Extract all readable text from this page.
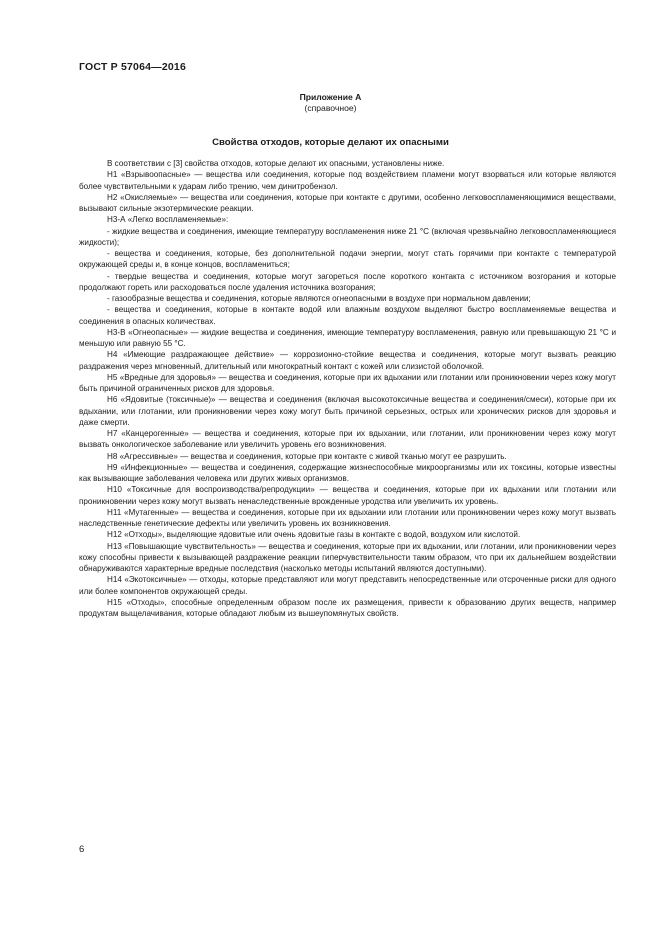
ГОСТ Р 57064—2016
Приложение А
(справочное)
Свойства отходов, которые делают их опасными

В соответствии с [3] свойства отходов, которые делают их опасными, установлены ниже.

Н1 «Взрывоопасные» — вещества или соединения, которые под воздействием пламени могут взорваться или которые являются более чувствительными к ударам либо трению, чем динитробензол.

Н2 «Окисляемые» — вещества или соединения, которые при контакте с другими, особенно легковоспламеняющимися веществами, вызывают сильные экзотермические реакции.

Н3-А «Легко воспламеняемые»:

- жидкие вещества и соединения, имеющие температуру воспламенения ниже 21 °C (включая чрезвычайно легковоспламеняющиеся жидкости);

- вещества и соединения, которые, без дополнительной подачи энергии, могут стать горячими при контакте с температурой окружающей среды и, в конце концов, воспламениться;

- твердые вещества и соединения, которые могут загореться после короткого контакта с источником возгорания и которые продолжают гореть или расходоваться после удаления источника возгорания;

- газообразные вещества и соединения, которые являются огнеопасными в воздухе при нормальном давлении;

- вещества и соединения, которые в контакте водой или влажным воздухом выделяют быстро воспламеняемые вещества и соединения в опасных количествах.

Н3-В «Огнеопасные» — жидкие вещества и соединения, имеющие температуру воспламенения, равную или превышающую 21 °C и меньшую или равную 55 °C.

Н4 «Имеющие раздражающее действие» — коррозионно-стойкие вещества и соединения, которые могут вызвать реакцию раздражения через мгновенный, длительный или многократный контакт с кожей или слизистой оболочкой.

Н5 «Вредные для здоровья» — вещества и соединения, которые при их вдыхании или глотании или проникновении через кожу могут быть причиной ограниченных рисков для здоровья.

Н6 «Ядовитые (токсичные)» — вещества и соединения (включая высокотоксичные вещества и соединения/смеси), которые при их вдыхании, или глотании, или проникновении через кожу могут быть причиной серьезных, острых или хронических рисков для здоровья и даже смерти.

Н7 «Канцерогенные» — вещества и соединения, которые при их вдыхании, или глотании, или проникновении через кожу могут вызвать онкологическое заболевание или увеличить уровень его возникновения.

Н8 «Агрессивные» — вещества и соединения, которые при контакте с живой тканью могут ее разрушить.

Н9 «Инфекционные» — вещества и соединения, содержащие жизнеспособные микроорганизмы или их токсины, которые известны как вызывающие заболевания человека или других живых организмов.

Н10 «Токсичные для воспроизводства/репродукции» — вещества и соединения, которые при их вдыхании или глотании или проникновении через кожу могут вызвать ненаследственные врожденные уродства или увеличить их уровень.

Н11 «Мутагенные» — вещества и соединения, которые при их вдыхании или глотании или проникновении через кожу могут вызвать наследственные генетические дефекты или увеличить уровень их возникновения.

Н12 «Отходы», выделяющие ядовитые или очень ядовитые газы в контакте с водой, воздухом или кислотой.

Н13 «Повышающие чувствительность» — вещества и соединения, которые при их вдыхании, или глотании, или проникновении через кожу способны привести к вызывающей раздражение реакции гиперчувствительности таким образом, что при их дальнейшем воздействии обнаруживаются характерные вредные последствия (насколько методы испытаний являются доступными).

Н14 «Экотоксичные» — отходы, которые представляют или могут представить непосредственные или отсроченные риски для одного или более компонентов окружающей среды.

Н15 «Отходы», способные определенным образом после их размещения, привести к образованию других веществ, например продуктам выщелачивания, которые обладают любым из вышеупомянутых свойств.

6
